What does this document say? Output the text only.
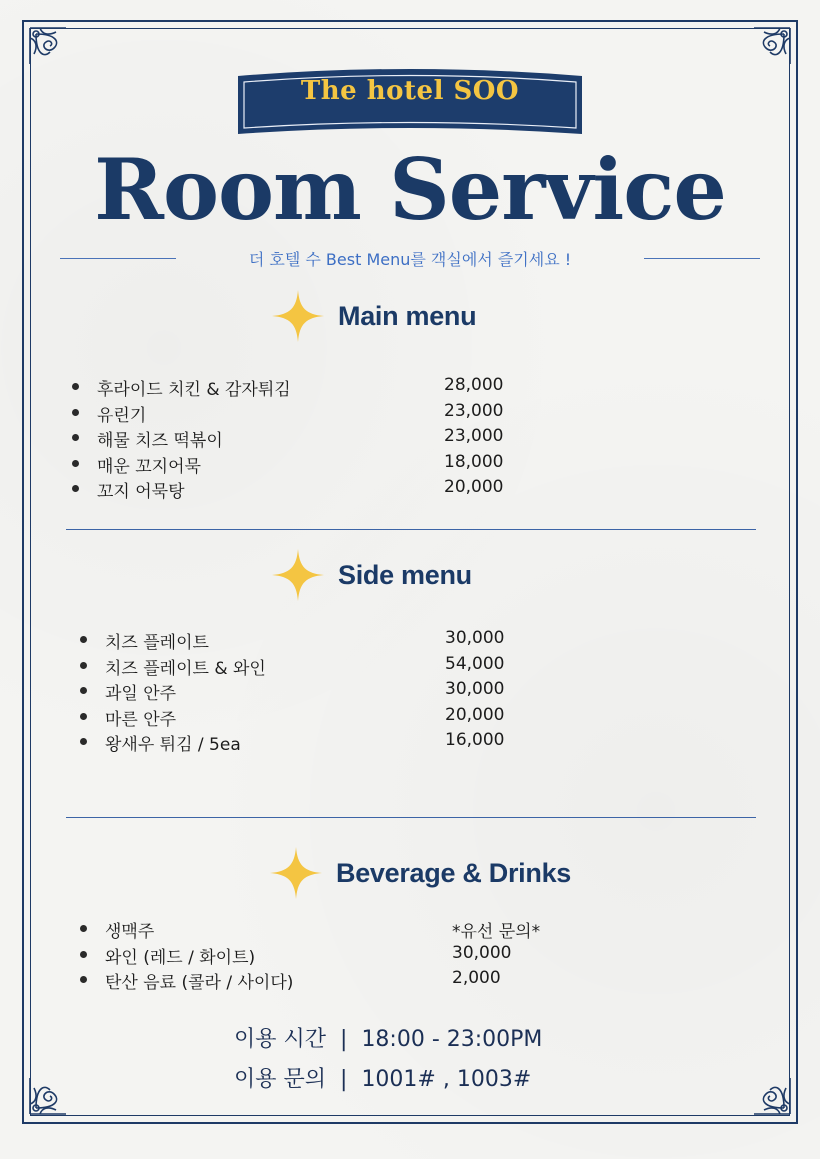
The hotel SOO
Room Service
더 호텔 수 Best Menu를 객실에서 즐기세요 !
Main menu
후라이드 치킨 & 감자튀김	28,000
유린기	23,000
해물 치즈 떡볶이	23,000
매운 꼬지어묵	18,000
꼬지 어묵탕	20,000
Side menu
치즈 플레이트	30,000
치즈 플레이트 & 와인	54,000
과일 안주	30,000
마른 안주	20,000
왕새우 튀김 / 5ea	16,000
Beverage & Drinks
생맥주	*유선 문의*
와인 (레드 / 화이트)	30,000
탄산 음료 (콜라 / 사이다)	2,000
이용 시간 | 18:00 - 23:00PM
이용 문의 | 1001# , 1003#
